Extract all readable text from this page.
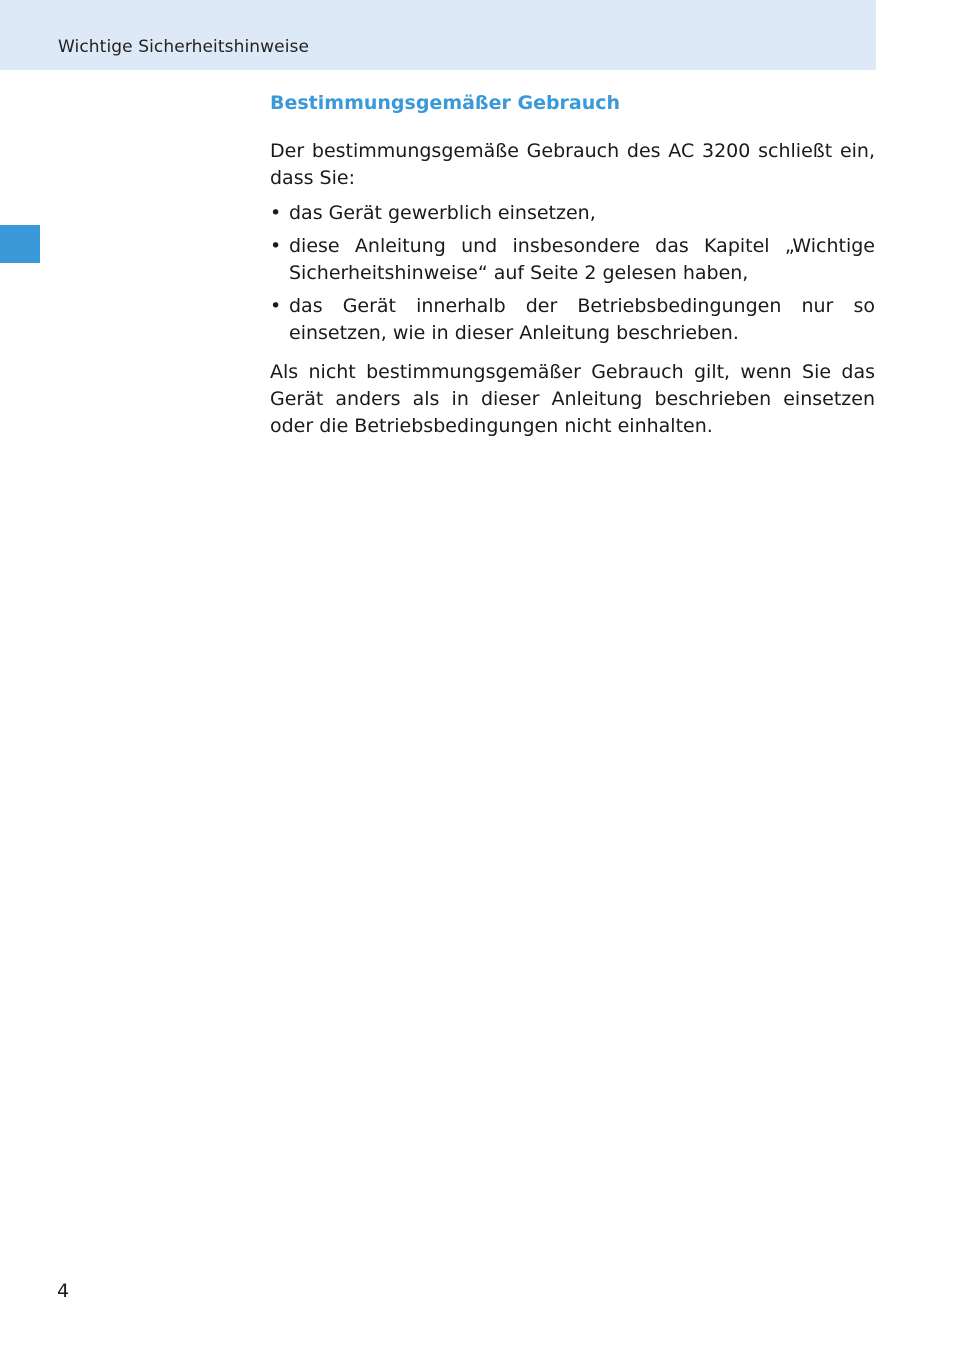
Wichtige Sicherheitshinweise
Bestimmungsgemäßer Gebrauch

Der bestimmungsgemäße Gebrauch des AC 3200 schließt ein, dass Sie:

• das Gerät gewerblich einsetzen,
• diese Anleitung und insbesondere das Kapitel „Wichtige Sicherheitshinweise“ auf Seite 2 gelesen haben,
• das Gerät innerhalb der Betriebsbedingungen nur so einsetzen, wie in dieser Anleitung beschrieben.

Als nicht bestimmungsgemäßer Gebrauch gilt, wenn Sie das Gerät anders als in dieser Anleitung beschrieben einsetzen oder die Betriebsbedingungen nicht einhalten.

4
